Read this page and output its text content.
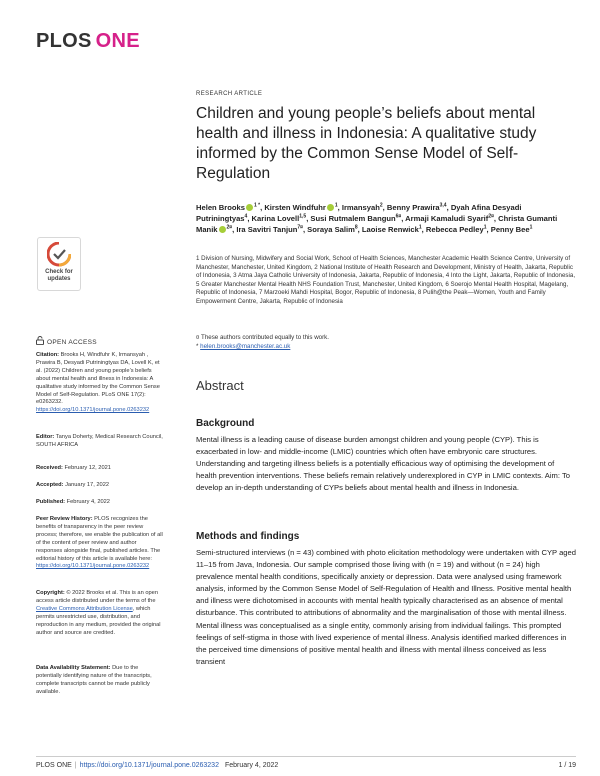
PLOS ONE
RESEARCH ARTICLE
Children and young people’s beliefs about mental health and illness in Indonesia: A qualitative study informed by the Common Sense Model of Self-Regulation
Helen Brooks $^{1 *}$, Kirsten Windfuhr $^1$, Irmansyah$^2$, Benny Prawira$^{3,4}$, Dyah Afina Desyadi Putriningtyas$^4$, Karina Lovell$^{1,5}$, Susi Rutmalem Bangun$^{6¤}$, Armaji Kamaludi Syarif$^{2¤}$, Christa Gumanti Manik $^{2¤}$, Ira Savitri Tanjun$^{7¤}$, Soraya Salim$^8$, Laoise Renwick$^1$, Rebecca Pedley$^1$, Penny Bee$^1$
1 Division of Nursing, Midwifery and Social Work, School of Health Sciences, Manchester Academic Health Science Centre, University of Manchester, Manchester, United Kingdom, 2 National Institute of Health Research and Development, Ministry of Health, Jakarta, Republic of Indonesia, 3 Atma Jaya Catholic University of Indonesia, Jakarta, Republic of Indonesia, 4 Into the Light, Jakarta, Republic of Indonesia, 5 Greater Manchester Mental Health NHS Foundation Trust, Manchester, United Kingdom, 6 Soerojo Mental Health Hospital, Magelang, Republic of Indonesia, 7 Marzoeki Mahdi Hospital, Bogor, Republic of Indonesia, 8 Pulih@the Peak—Women, Youth and Family Empowerment Centre, Jakarta, Republic of Indonesia
¤ These authors contributed equally to this work.
* helen.brooks@manchester.ac.uk
Check for
updates
OPEN ACCESS
Citation: Brooks H, Windfuhr K, Irmansyah , Prawira B, Desyadi Putriningtyas DA, Lovell K, et al. (2022) Children and young people’s beliefs about mental health and illness in Indonesia: A qualitative study informed by the Common Sense Model of Self-Regulation. PLoS ONE 17(2): e0263232. https://doi.org/10.1371/journal.pone.0263232
Editor: Tanya Doherty, Medical Research Council, SOUTH AFRICA
Received: February 12, 2021
Accepted: January 17, 2022
Published: February 4, 2022
Peer Review History: PLOS recognizes the benefits of transparency in the peer review process; therefore, we enable the publication of all of the content of peer review and author responses alongside final, published articles. The editorial history of this article is available here: https://doi.org/10.1371/journal.pone.0263232
Copyright: © 2022 Brooks et al. This is an open access article distributed under the terms of the Creative Commons Attribution License, which permits unrestricted use, distribution, and reproduction in any medium, provided the original author and source are credited.
Data Availability Statement: Due to the potentially identifying nature of the transcripts, complete transcripts cannot be made publicly available.
Abstract
Background

Mental illness is a leading cause of disease burden amongst children and young people (CYP). This is exacerbated in low- and middle-income (LMIC) countries which often have embryonic care structures. Understanding and targeting illness beliefs is a potentially efficacious way of optimising the development of health prevention interventions. These beliefs remain relatively underexplored in CYP in LMIC contexts. Aim: To develop an in-depth understanding of CYPs beliefs about mental health and illness in Indonesia.

Methods and findings

Semi-structured interviews (n = 43) combined with photo elicitation methodology were undertaken with CYP aged 11–15 from Java, Indonesia. Our sample comprised those living with (n = 19) and without (n = 24) high prevalence mental health conditions, specifically anxiety or depression. Data were analysed using framework analysis, informed by the Common Sense Model of Self-Regulation of Health and Illness. Positive mental health and illness were dichotomised in accounts with mental health typically characterised as an absence of mental disturbance. This contributed to attributions of abnormality and the marginalisation of those with mental illness. Mental illness was conceptualised as a single entity, commonly arising from individual failings. This prompted feelings of self-stigma in those with lived experience of mental illness. Analysis identified marked differences in the perceived time dimensions of positive mental health and illness with mental illness conceived as less transient

PLOS ONE | https://doi.org/10.1371/journal.pone.0263232 February 4, 2022	1 / 19
